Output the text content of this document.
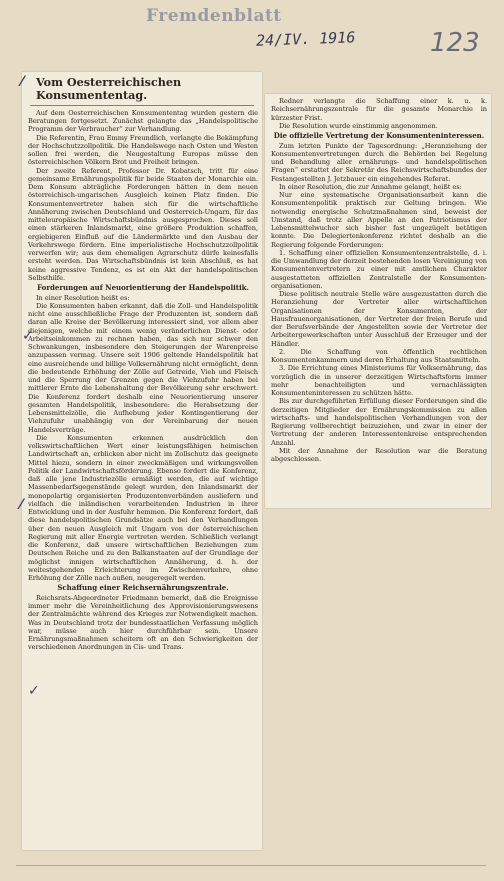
Fremdenblatt
24/IV. 1916	123
Vom Oesterreichischen Konsumententag.

Auf dem Oesterreichischen Konsumententag wurden gestern die Beratungen fortgesetzt. Zunächst gelangte das „Handelspolitische Programm der Verbraucher“ zur Verhandlung.

Die Referentin, Frau Emmy Freundlich, verlangte die Bekämpfung der Hochschutzzollpolitik. Die Handelswege nach Osten und Westen sollen frei werden, die Neugestaltung Europas müsse den österreichischen Völkern Brot und Freiheit bringen.

Der zweite Referent, Professor Dr. Kobatsch, tritt für eine gemeinsame Ernährungspolitik für beide Staaten der Monarchie ein. Dem Konsum abträgliche Forderungen hätten in dem neuen österreichisch-ungarischen Ausgleich keinen Platz finden. Die Konsumentenvertreter haben sich für die wirtschaftliche Annäherung zwischen Deutschland und Oesterreich-Ungarn, für das mitteleuropäische Wirtschaftsbündnis ausgesprochen. Dieses soll einen stärkeren Inlandsmarkt, eine größere Produktion schaffen, ergiebigeren Einfluß auf die Ländermärkte und den Ausbau der Verkehrswege fördern. Eine imperialistische Hochschutzzollpolitik verwerfen wir; aus dem ehemaligen Agrarschutz dürfe keinesfalls ersteht werden. Das Wirtschaftsbündnis ist kein Abschluß, es hat keine aggressive Tendenz, es ist ein Akt der handelspolitischen Selbsthilfe.

Forderungen auf Neuorientierung der Handelspolitik.

In einer Resolution heißt es:

Die Konsumenten haben erkannt, daß die Zoll- und Handelspolitik nicht eine ausschließliche Frage der Produzenten ist, sondern daß daran alle Kreise der Bevölkerung interessiert sind, vor allem aber diejenigen, welche mit einem wenig veränderlichen Dienst- oder Arbeitseinkommen zu rechnen haben, das sich nur schwer den Schwankungen, insbesondere den Steigerungen der Warenpreise anzupassen vermag. Unsere seit 1906 geltende Handelspolitik hat eine ausreichende und billige Volksernährung nicht ermöglicht, denn die bedeutende Erhöhung der Zölle auf Getreide, Vieh und Fleisch und die Sperrung der Grenzen gegen die Viehzufuhr haben bei mittlerer Ernte die Lebenshaltung der Bevölkerung sehr erschwert. Die Konferenz fordert deshalb eine Neuorientierung unserer gesamten Handelspolitik, insbesondere: die Herabsetzung der Lebensmittelzölle, die Aufhebung jeder Kontingentierung der Viehzufuhr unabhängig von der Vereinbarung der neuen Handelsverträge.

Die Konsumenten erkennen ausdrücklich den volkswirtschaftlichen Wert einer leistungsfähigen heimischen Landwirtschaft an, erblicken aber nicht im Zollschutz das geeignete Mittel hiezu, sondern in einer zweckmäßigen und wirkungsvollen Politik der Landwirtschaftsförderung. Ebenso fordert die Konferenz, daß alle jene Industriezölle ermäßigt werden, die auf wichtige Massenbedarfsgegenstände gelegt wurden, den Inlandsmarkt der monopolartig organisierten Produzentenverbänden ausliefern und vielfach die inländischen verarbeitenden Industrien in ihrer Entwicklung und in der Ausfuhr hemmen. Die Konferenz fordert, daß diese handelspolitischen Grundsätze auch bei den Verhandlungen über den neuen Ausgleich mit Ungarn von der österreichischen Regierung mit aller Energie vertreten werden. Schließlich verlangt die Konferenz, daß unsere wirtschaftlichen Beziehungen zum Deutschen Reiche und zu den Balkanstaaten auf der Grundlage der möglichst innigen wirtschaftlichen Annäherung, d. h. der weitestgehenden Erleichterung im Zwischenverkehre, ohne Erhöhung der Zölle nach außen, neugeregelt werden.

Schaffung einer Reichsernährungszentrale.

Reichsrats-Abgeordneter Friedmann bemerkt, daß die Ereignisse immer mehr die Vereinheitlichung des Approvisionierungswesens der Zentralmächte während des Krieges zur Notwendigkeit machen. Was in Deutschland trotz der bundesstaatlichen Verfassung möglich war, müsse auch hier durchführbar sein. Unsere Ernährungsmaßnahmen scheitern oft an den Schwierigkeiten der verschiedenen Anordnungen in Cis- und Trans.

Redner verlangte die Schaffung einer k. u. k. Reichsernährungszentrale für die gesamte Monarchie in kürzester Frist.

Die Resolution wurde einstimmig angenommen.

Die offizielle Vertretung der Konsumenteninteressen.

Zum letzten Punkte der Tagesordnung: „Heranziehung der Konsumentenvertretungen durch die Behörden bei Regelung und Behandlung aller ernährungs- und handelspolitischen Fragen“ erstattet der Sekretär des Reichswirtschaftsbundes der Festangestellten J. Jetzbauer ein eingehendes Referat.

In einer Resolution, die zur Annahme gelangt, heißt es:

Nur eine systematische Organisationsarbeit kann die Konsumentenpolitik praktisch zur Geltung bringen. Wie notwendig energische Schutzmaßnahmen sind, beweist der Umstand, daß trotz aller Appelle an den Patriotismus der Lebensmittelwucher sich bisher fast ungezügelt betätigen konnte. Die Delegiertenkonferenz richtet deshalb an die Regierung folgende Forderungen:

1. Schaffung einer offiziellen Konsumentenzentralstelle, d. i. die Umwandlung der derzeit bestehenden losen Vereinigung von Konsumentenvertretern zu einer mit amtlichem Charakter ausgestatteten offiziellen Zentralstelle der Konsumenten- organisationen.

Diese politisch neutrale Stelle wäre ausgezustatten durch die Heranziehung der Vertreter aller wirtschaftlichen Organisationen der Konsumenten, der Hausfrauenorganisationen, der Vertreter der freien Berufe und der Berufsverbände der Angestellten sowie der Vertreter der Arbeitergewerkschaften unter Ausschluß der Erzeuger und der Händler.

2. Die Schaffung von öffentlich rechtlichen Konsumentenkammern und deren Erhaltung aus Staatsmitteln.

3. Die Errichtung eines Ministeriums für Volksernährung, das vorzüglich die in unserer derzeitigen Wirtschaftsform immer mehr benachteiligten und vernachlässigten Konsumenteninteressen zu schützen hätte.

Bis zur durchgeführten Erfüllung dieser Forderungen sind die derzeitigen Mitglieder der Ernährungskommission zu allen wirtschafts- und handelspolitischen Verhandlungen von der Regierung vollberechtigt beizuziehen, und zwar in einer der Vertretung der anderen Interessentenkreise entsprechenden Anzahl.

Mit der Annahme der Resolution war die Beratung abgeschlossen.

⁄
✓
⁄
✓
